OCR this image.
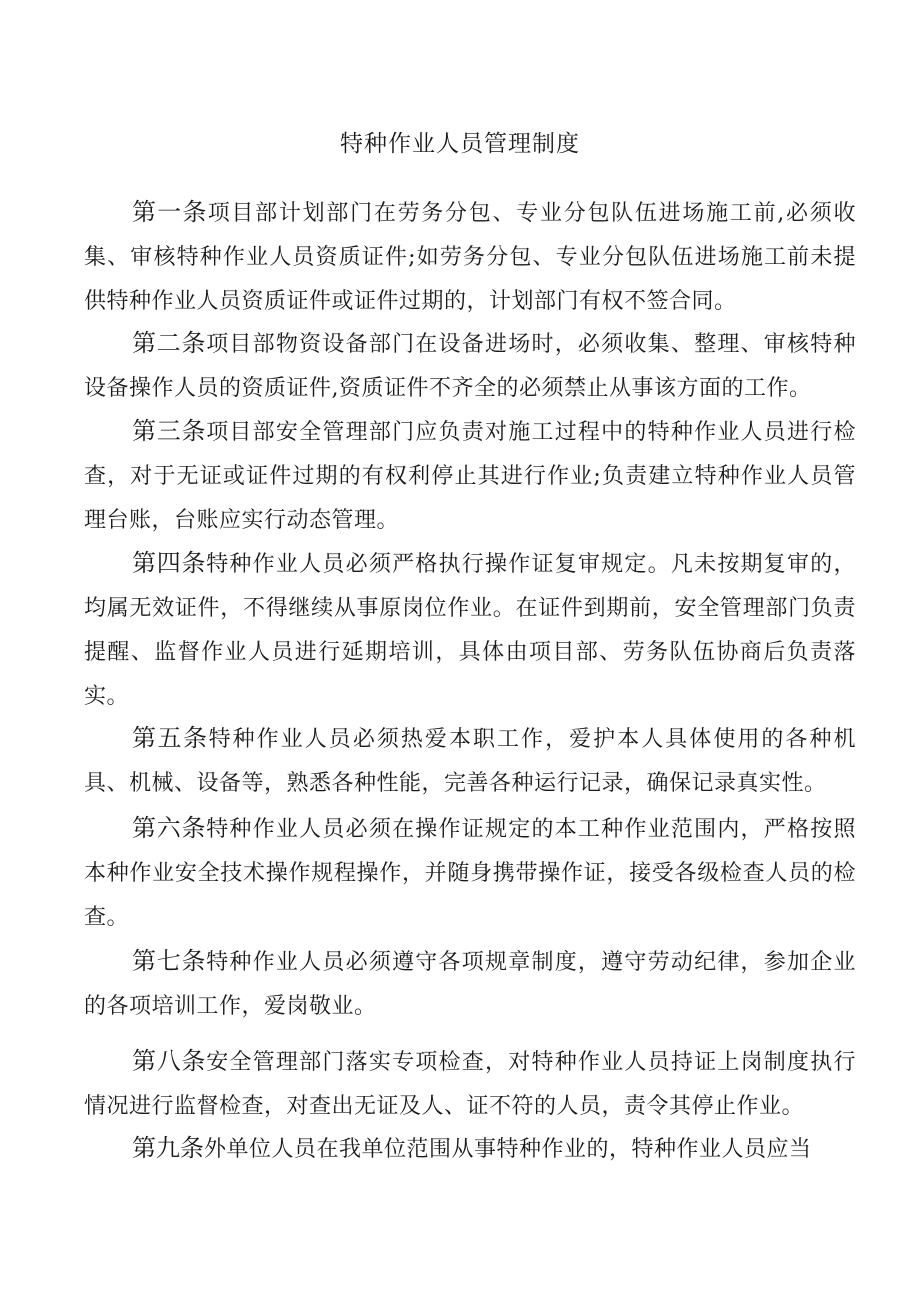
特种作业人员管理制度

第一条项目部计划部门在劳务分包、专业分包队伍进场施工前,必须收集、审核特种作业人员资质证件;如劳务分包、专业分包队伍进场施工前未提供特种作业人员资质证件或证件过期的，计划部门有权不签合同。

第二条项目部物资设备部门在设备进场时，必须收集、整理、审核特种设备操作人员的资质证件,资质证件不齐全的必须禁止从事该方面的工作。

第三条项目部安全管理部门应负责对施工过程中的特种作业人员进行检查，对于无证或证件过期的有权利停止其进行作业;负责建立特种作业人员管理台账，台账应实行动态管理。

第四条特种作业人员必须严格执行操作证复审规定。凡未按期复审的，均属无效证件，不得继续从事原岗位作业。在证件到期前，安全管理部门负责提醒、监督作业人员进行延期培训，具体由项目部、劳务队伍协商后负责落实。

第五条特种作业人员必须热爱本职工作，爱护本人具体使用的各种机具、机械、设备等，熟悉各种性能，完善各种运行记录，确保记录真实性。

第六条特种作业人员必须在操作证规定的本工种作业范围内，严格按照本种作业安全技术操作规程操作，并随身携带操作证，接受各级检查人员的检查。

第七条特种作业人员必须遵守各项规章制度，遵守劳动纪律，参加企业的各项培训工作，爱岗敬业。

第八条安全管理部门落实专项检查，对特种作业人员持证上岗制度执行情况进行监督检查，对查出无证及人、证不符的人员，责令其停止作业。

第九条外单位人员在我单位范围从事特种作业的，特种作业人员应当
